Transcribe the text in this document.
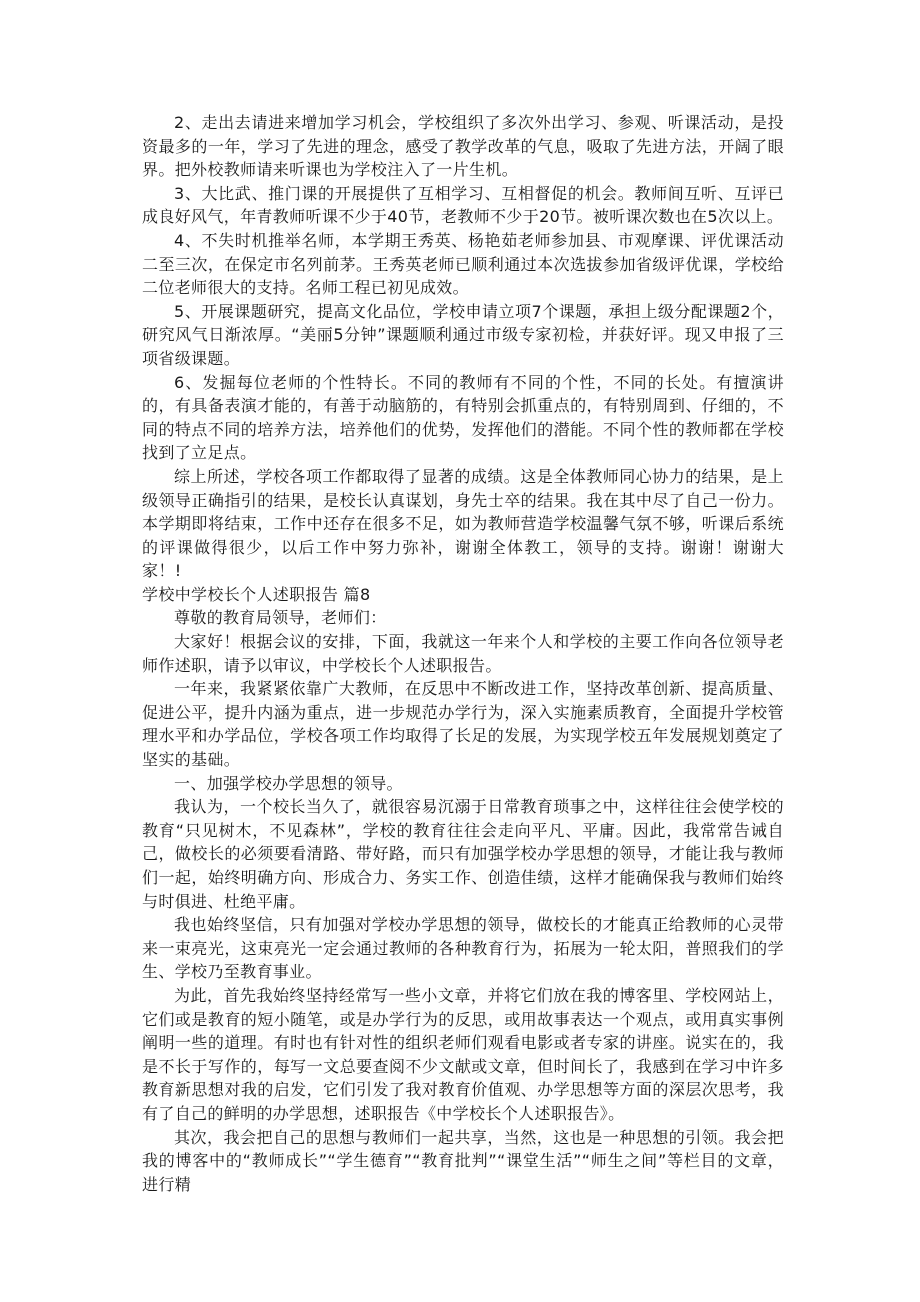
2、走出去请进来增加学习机会，学校组织了多次外出学习、参观、听课活动，是投资最多的一年，学习了先进的理念，感受了教学改革的气息，吸取了先进方法，开阔了眼界。把外校教师请来听课也为学校注入了一片生机。

3、大比武、推门课的开展提供了互相学习、互相督促的机会。教师间互听、互评已成良好风气，年青教师听课不少于40节，老教师不少于20节。被听课次数也在5次以上。

4、不失时机推举名师，本学期王秀英、杨艳茹老师参加县、市观摩课、评优课活动二至三次，在保定市名列前茅。王秀英老师已顺利通过本次选拔参加省级评优课，学校给二位老师很大的支持。名师工程已初见成效。

5、开展课题研究，提高文化品位，学校申请立项7个课题，承担上级分配课题2个，研究风气日渐浓厚。“美丽5分钟”课题顺利通过市级专家初检，并获好评。现又申报了三项省级课题。

6、发掘每位老师的个性特长。不同的教师有不同的个性，不同的长处。有擅演讲的，有具备表演才能的，有善于动脑筋的，有特别会抓重点的，有特别周到、仔细的，不同的特点不同的培养方法，培养他们的优势，发挥他们的潜能。不同个性的教师都在学校找到了立足点。

综上所述，学校各项工作都取得了显著的成绩。这是全体教师同心协力的结果，是上级领导正确指引的结果，是校长认真谋划，身先士卒的结果。我在其中尽了自己一份力。本学期即将结束，工作中还存在很多不足，如为教师营造学校温馨气氛不够，听课后系统的评课做得很少，以后工作中努力弥补，谢谢全体教工，领导的支持。谢谢！谢谢大家！!

学校中学校长个人述职报告 篇8

尊敬的教育局领导，老师们：

大家好！根据会议的安排，下面，我就这一年来个人和学校的主要工作向各位领导老师作述职，请予以审议，中学校长个人述职报告。

一年来，我紧紧依靠广大教师，在反思中不断改进工作，坚持改革创新、提高质量、促进公平，提升内涵为重点，进一步规范办学行为，深入实施素质教育，全面提升学校管理水平和办学品位，学校各项工作均取得了长足的发展，为实现学校五年发展规划奠定了坚实的基础。

一、加强学校办学思想的领导。

我认为，一个校长当久了，就很容易沉溺于日常教育琐事之中，这样往往会使学校的教育“只见树木，不见森林”，学校的教育往往会走向平凡、平庸。因此，我常常告诫自己，做校长的必须要看清路、带好路，而只有加强学校办学思想的领导，才能让我与教师们一起，始终明确方向、形成合力、务实工作、创造佳绩，这样才能确保我与教师们始终与时俱进、杜绝平庸。

我也始终坚信，只有加强对学校办学思想的领导，做校长的才能真正给教师的心灵带来一束亮光，这束亮光一定会通过教师的各种教育行为，拓展为一轮太阳，普照我们的学生、学校乃至教育事业。

为此，首先我始终坚持经常写一些小文章，并将它们放在我的博客里、学校网站上，它们或是教育的短小随笔，或是办学行为的反思，或用故事表达一个观点，或用真实事例阐明一些的道理。有时也有针对性的组织老师们观看电影或者专家的讲座。说实在的，我是不长于写作的，每写一文总要查阅不少文献或文章，但时间长了，我感到在学习中许多教育新思想对我的启发，它们引发了我对教育价值观、办学思想等方面的深层次思考，我有了自己的鲜明的办学思想，述职报告《中学校长个人述职报告》。

其次，我会把自己的思想与教师们一起共享，当然，这也是一种思想的引领。我会把我的博客中的“教师成长”“学生德育”“教育批判”“课堂生活”“师生之间”等栏目的文章，进行精
